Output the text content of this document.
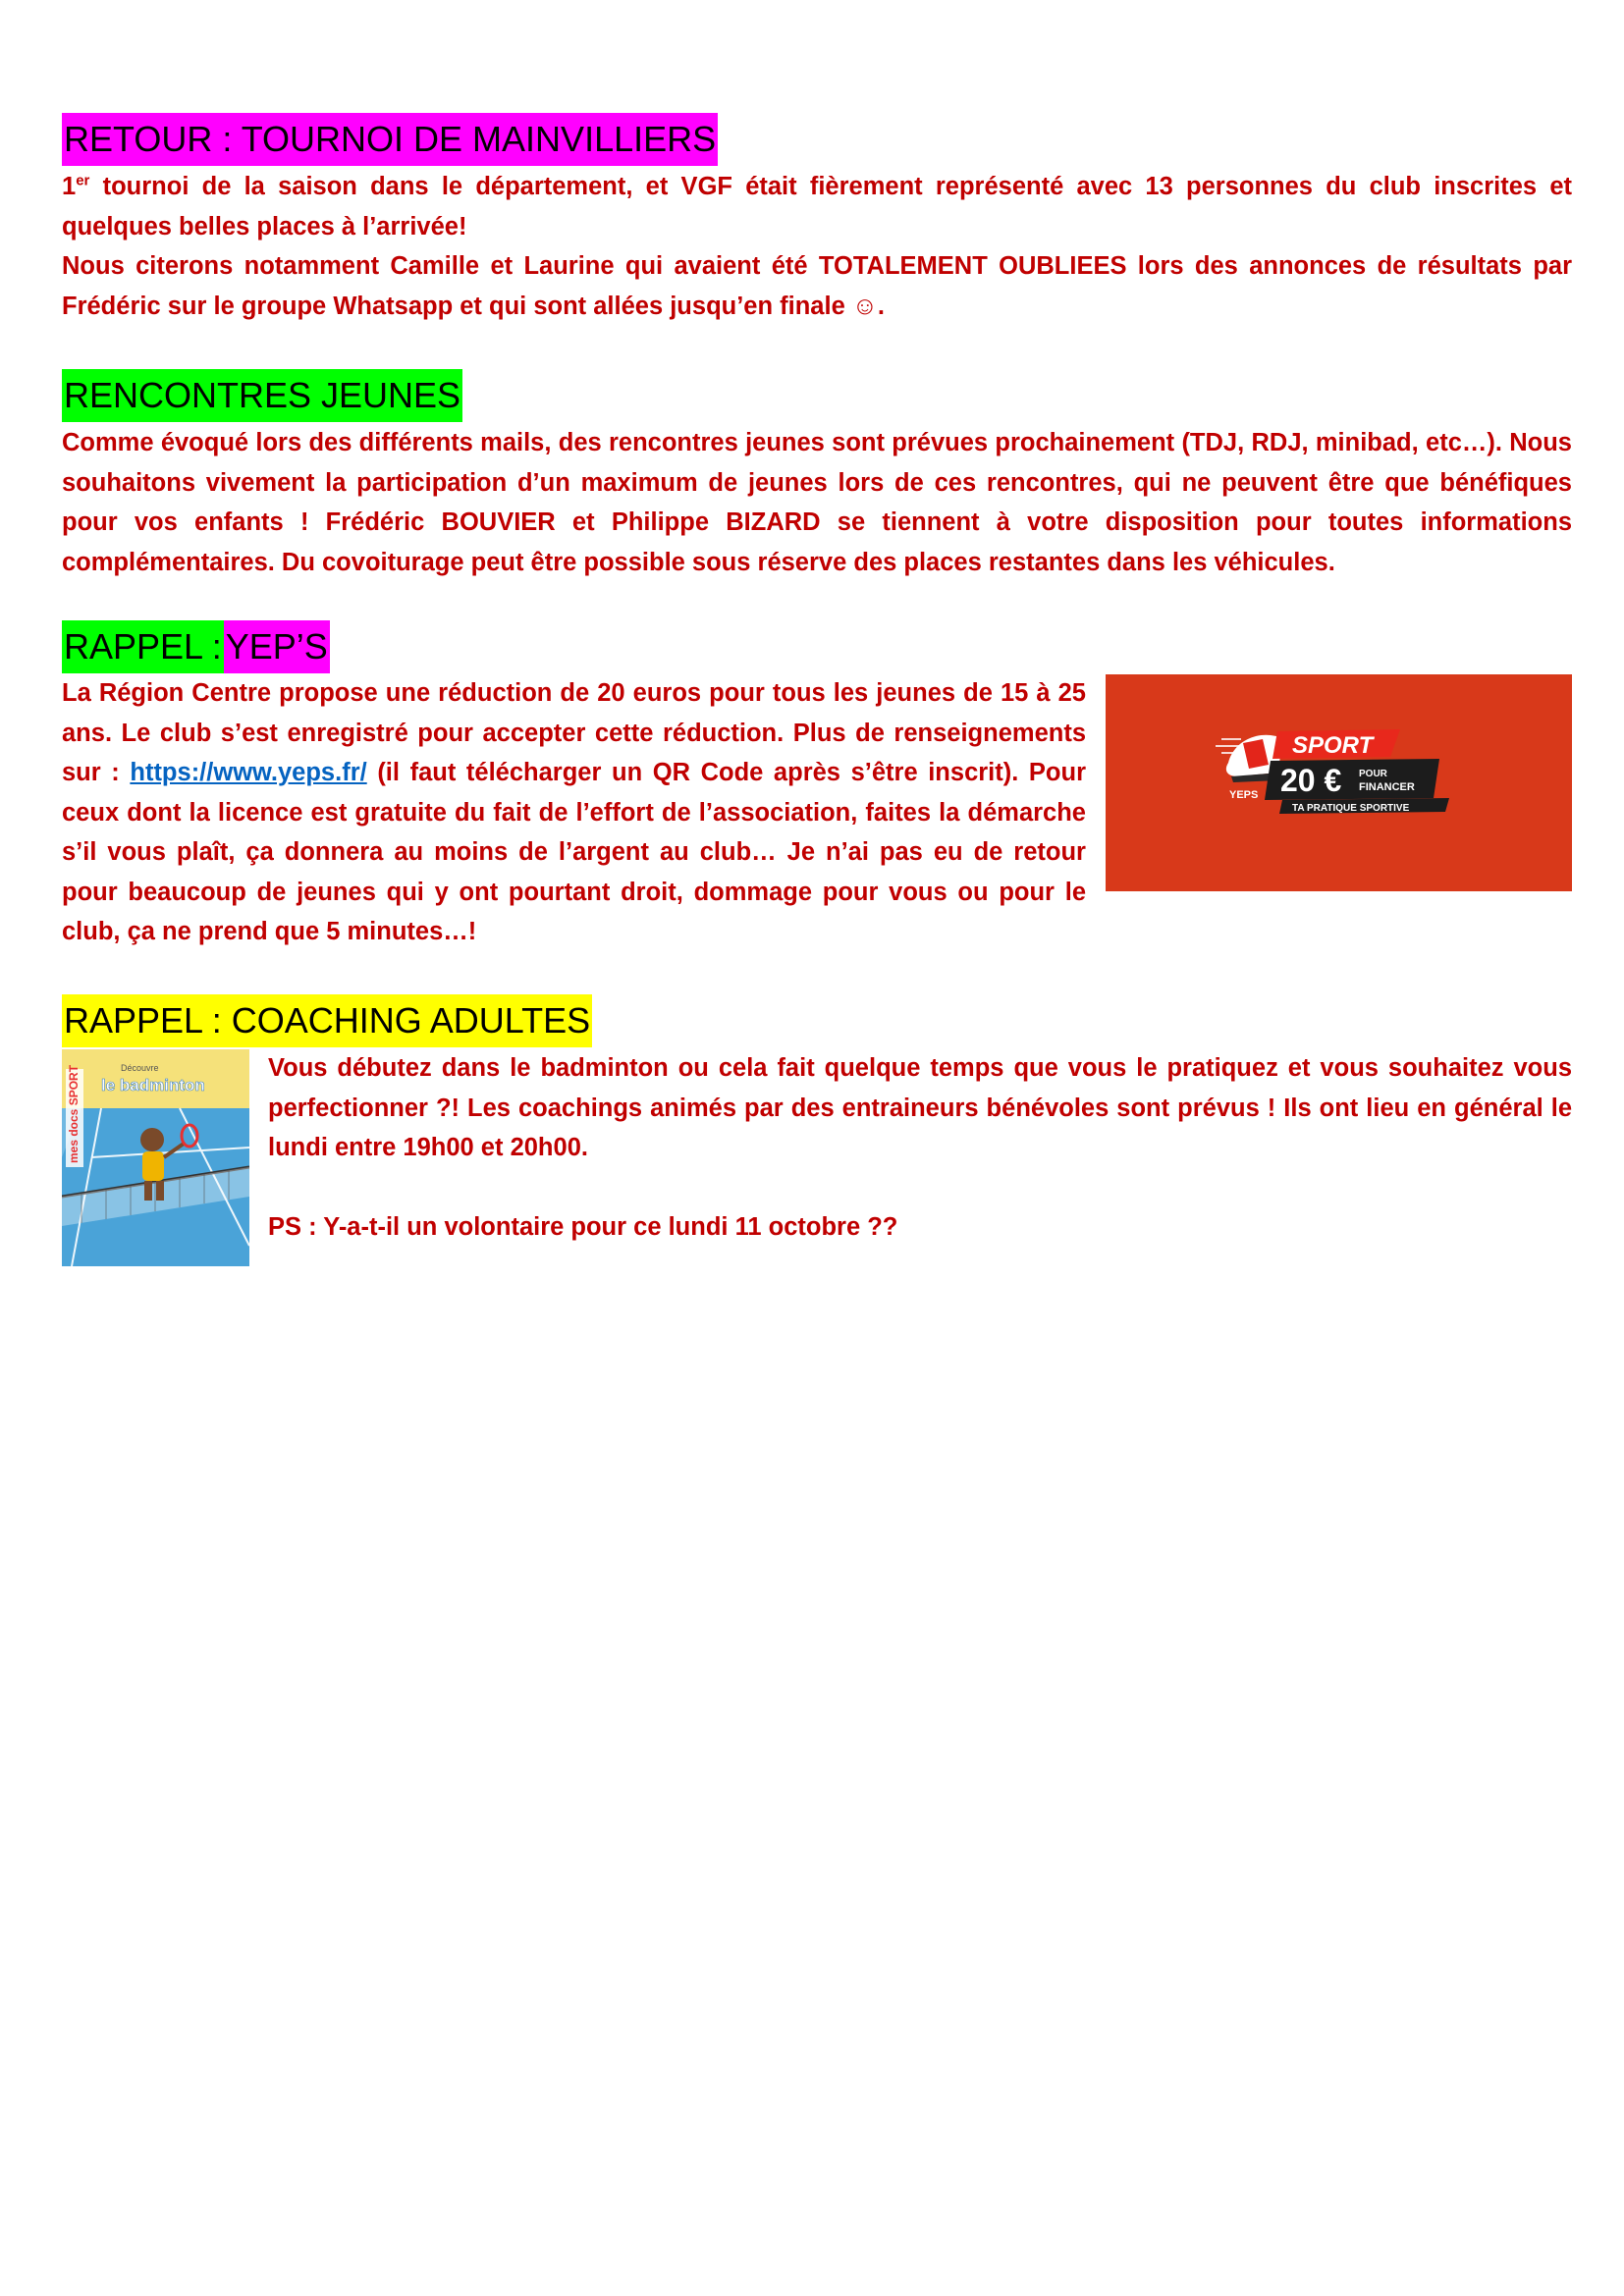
RETOUR : TOURNOI DE MAINVILLIERS

1er tournoi de la saison dans le département, et VGF était fièrement représenté avec 13 personnes du club inscrites et quelques belles places à l’arrivée!
Nous citerons notamment Camille et Laurine qui avaient été TOTALEMENT OUBLIEES lors des annonces de résultats par Frédéric sur le groupe Whatsapp et qui sont allées jusqu’en finale ☺.

RENCONTRES JEUNES

Comme évoqué lors des différents mails, des rencontres jeunes sont prévues prochainement (TDJ, RDJ, minibad, etc…). Nous souhaitons vivement la participation d’un maximum de jeunes lors de ces rencontres, qui ne peuvent être que bénéfiques pour vos enfants ! Frédéric BOUVIER et Philippe BIZARD se tiennent à votre disposition pour toutes informations complémentaires. Du covoiturage peut être possible sous réserve des places restantes dans les véhicules.

RAPPEL :YEP’S

La Région Centre propose une réduction de 20 euros pour tous les jeunes de 15 à 25 ans. Le club s’est enregistré pour accepter cette réduction. Plus de renseignements sur : https://www.yeps.fr/ (il faut télécharger un QR Code après s’être inscrit). Pour ceux dont la licence est gratuite du fait de l’effort de l’association, faites la démarche s’il vous plaît, ça donnera au moins de l’argent au club… Je n’ai pas eu de retour pour beaucoup de jeunes qui y ont pourtant droit, dommage pour vous ou pour le club, ça ne prend que 5 minutes…!

SPORT
20 € POUR
FINANCER
TA PRATIQUE SPORTIVE
YEPS
RAPPEL : COACHING ADULTES
mes docs SPORT	Découvre
le badminton

Vous débutez dans le badminton ou cela fait quelque temps que vous le pratiquez et vous souhaitez vous perfectionner ?! Les coachings animés par des entraineurs bénévoles sont prévus ! Ils ont lieu en général le lundi entre 19h00 et 20h00.

PS : Y-a-t-il un volontaire pour ce lundi 11 octobre ??
